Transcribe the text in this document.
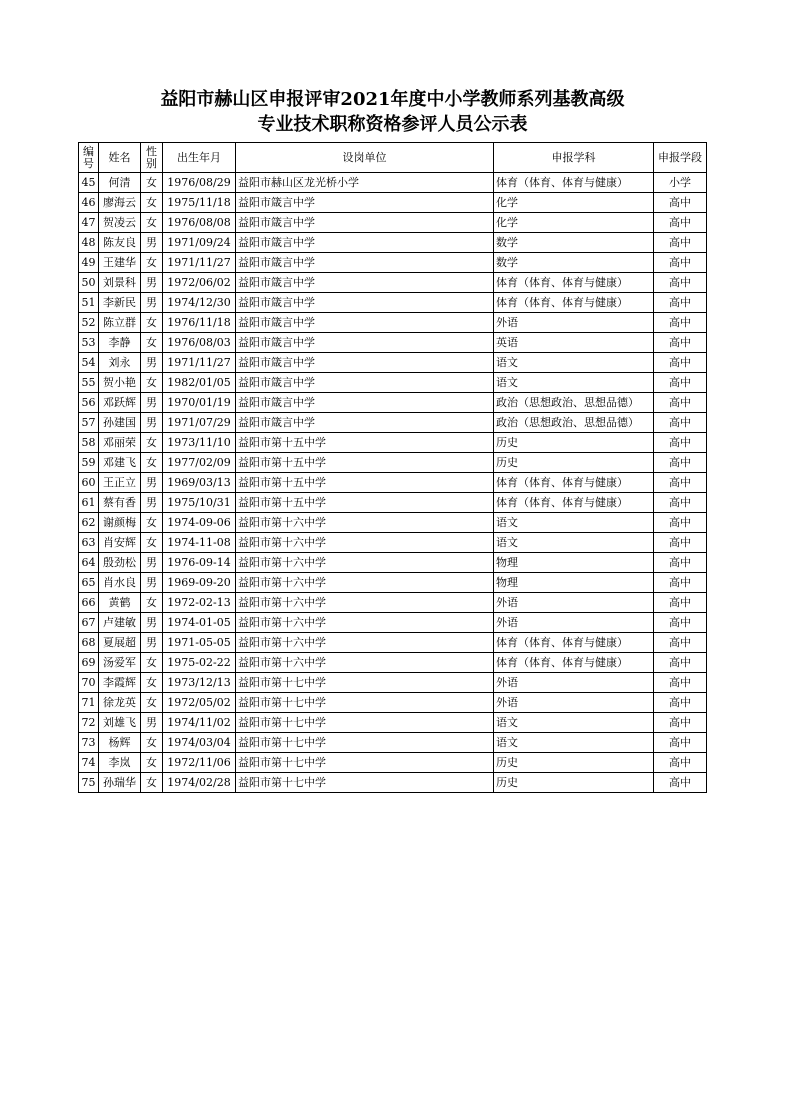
益阳市赫山区申报评审2021年度中小学教师系列基教高级
专业技术职称资格参评人员公示表
编号	姓名	性别	出生年月	设岗单位	申报学科	申报学段
45	何清	女	1976/08/29	益阳市赫山区龙光桥小学	体育（体育、体育与健康）	小学
46	廖海云	女	1975/11/18	益阳市箴言中学	化学	高中
47	贺凌云	女	1976/08/08	益阳市箴言中学	化学	高中
48	陈友良	男	1971/09/24	益阳市箴言中学	数学	高中
49	王建华	女	1971/11/27	益阳市箴言中学	数学	高中
50	刘景科	男	1972/06/02	益阳市箴言中学	体育（体育、体育与健康）	高中
51	李新民	男	1974/12/30	益阳市箴言中学	体育（体育、体育与健康）	高中
52	陈立群	女	1976/11/18	益阳市箴言中学	外语	高中
53	李静	女	1976/08/03	益阳市箴言中学	英语	高中
54	刘永	男	1971/11/27	益阳市箴言中学	语文	高中
55	贺小艳	女	1982/01/05	益阳市箴言中学	语文	高中
56	邓跃辉	男	1970/01/19	益阳市箴言中学	政治（思想政治、思想品德）	高中
57	孙建国	男	1971/07/29	益阳市箴言中学	政治（思想政治、思想品德）	高中
58	邓丽荣	女	1973/11/10	益阳市第十五中学	历史	高中
59	邓建飞	女	1977/02/09	益阳市第十五中学	历史	高中
60	王正立	男	1969/03/13	益阳市第十五中学	体育（体育、体育与健康）	高中
61	蔡有香	男	1975/10/31	益阳市第十五中学	体育（体育、体育与健康）	高中
62	谢颜梅	女	1974-09-06	益阳市第十六中学	语文	高中
63	肖安辉	女	1974-11-08	益阳市第十六中学	语文	高中
64	殷劲松	男	1976-09-14	益阳市第十六中学	物理	高中
65	肖水良	男	1969-09-20	益阳市第十六中学	物理	高中
66	黄鹤	女	1972-02-13	益阳市第十六中学	外语	高中
67	卢建敏	男	1974-01-05	益阳市第十六中学	外语	高中
68	夏展超	男	1971-05-05	益阳市第十六中学	体育（体育、体育与健康）	高中
69	汤爱军	女	1975-02-22	益阳市第十六中学	体育（体育、体育与健康）	高中
70	李霞辉	女	1973/12/13	益阳市第十七中学	外语	高中
71	徐龙英	女	1972/05/02	益阳市第十七中学	外语	高中
72	刘雄飞	男	1974/11/02	益阳市第十七中学	语文	高中
73	杨辉	女	1974/03/04	益阳市第十七中学	语文	高中
74	李岚	女	1972/11/06	益阳市第十七中学	历史	高中
75	孙瑞华	女	1974/02/28	益阳市第十七中学	历史	高中
